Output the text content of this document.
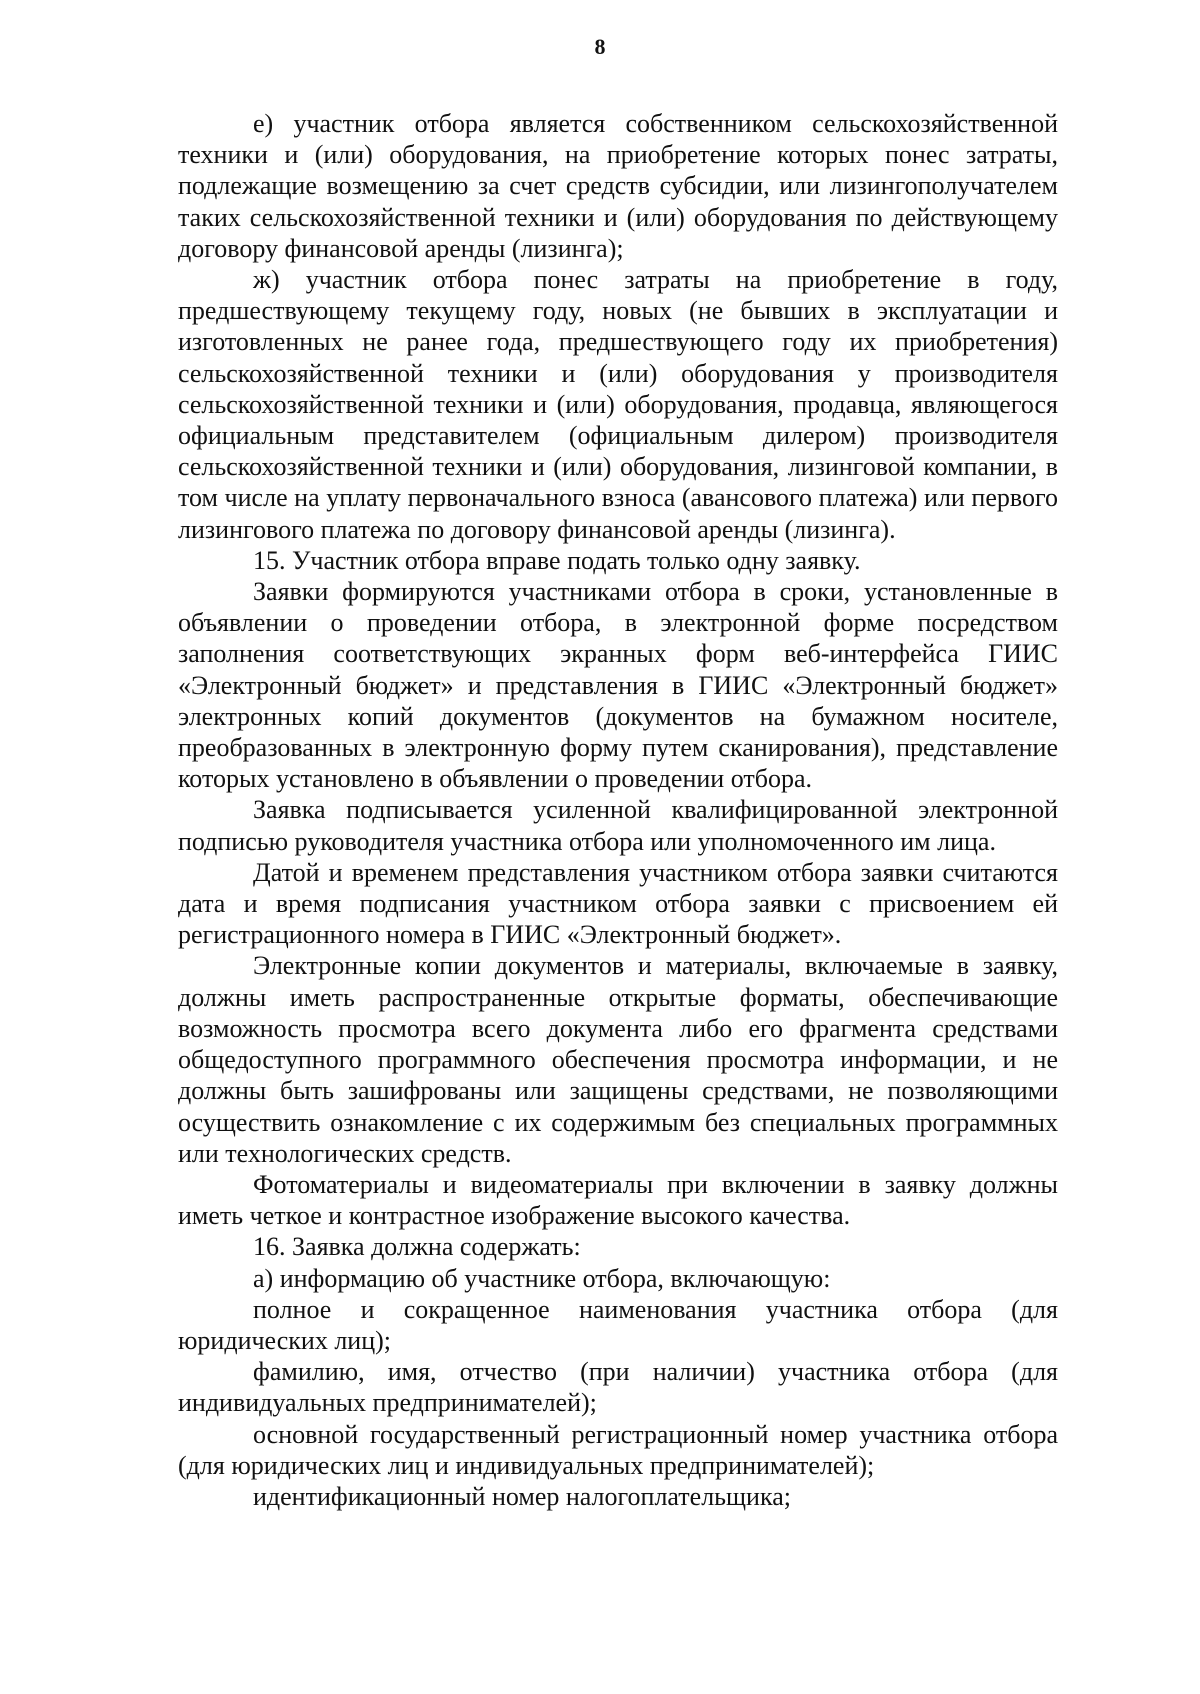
8

е) участник отбора является собственником сельскохозяйственной техники и (или) оборудования, на приобретение которых понес затраты, подлежащие возмещению за счет средств субсидии, или лизингополучателем таких сельскохозяйственной техники и (или) оборудования по действующему договору финансовой аренды (лизинга);

ж) участник отбора понес затраты на приобретение в году, предшествующему текущему году, новых (не бывших в эксплуатации и изготовленных не ранее года, предшествующего году их приобретения) сельскохозяйственной техники и (или) оборудования у производителя сельскохозяйственной техники и (или) оборудования, продавца, являющегося официальным представителем (официальным дилером) производителя сельскохозяйственной техники и (или) оборудования, лизинговой компании, в том числе на уплату первоначального взноса (авансового платежа) или первого лизингового платежа по договору финансовой аренды (лизинга).

15. Участник отбора вправе подать только одну заявку.

Заявки формируются участниками отбора в сроки, установленные в объявлении о проведении отбора, в электронной форме посредством заполнения соответствующих экранных форм веб-интерфейса ГИИС «Электронный бюджет» и представления в ГИИС «Электронный бюджет» электронных копий документов (документов на бумажном носителе, преобразованных в электронную форму путем сканирования), представление которых установлено в объявлении о проведении отбора.

Заявка подписывается усиленной квалифицированной электронной подписью руководителя участника отбора или уполномоченного им лица.

Датой и временем представления участником отбора заявки считаются дата и время подписания участником отбора заявки с присвоением ей регистрационного номера в ГИИС «Электронный бюджет».

Электронные копии документов и материалы, включаемые в заявку, должны иметь распространенные открытые форматы, обеспечивающие возможность просмотра всего документа либо его фрагмента средствами общедоступного программного обеспечения просмотра информации, и не должны быть зашифрованы или защищены средствами, не позволяющими осуществить ознакомление с их содержимым без специальных программных или технологических средств.

Фотоматериалы и видеоматериалы при включении в заявку должны иметь четкое и контрастное изображение высокого качества.

16. Заявка должна содержать:

а) информацию об участнике отбора, включающую:

полное и сокращенное наименования участника отбора (для юридических лиц);

фамилию, имя, отчество (при наличии) участника отбора (для индивидуальных предпринимателей);

основной государственный регистрационный номер участника отбора (для юридических лиц и индивидуальных предпринимателей);

идентификационный номер налогоплательщика;
